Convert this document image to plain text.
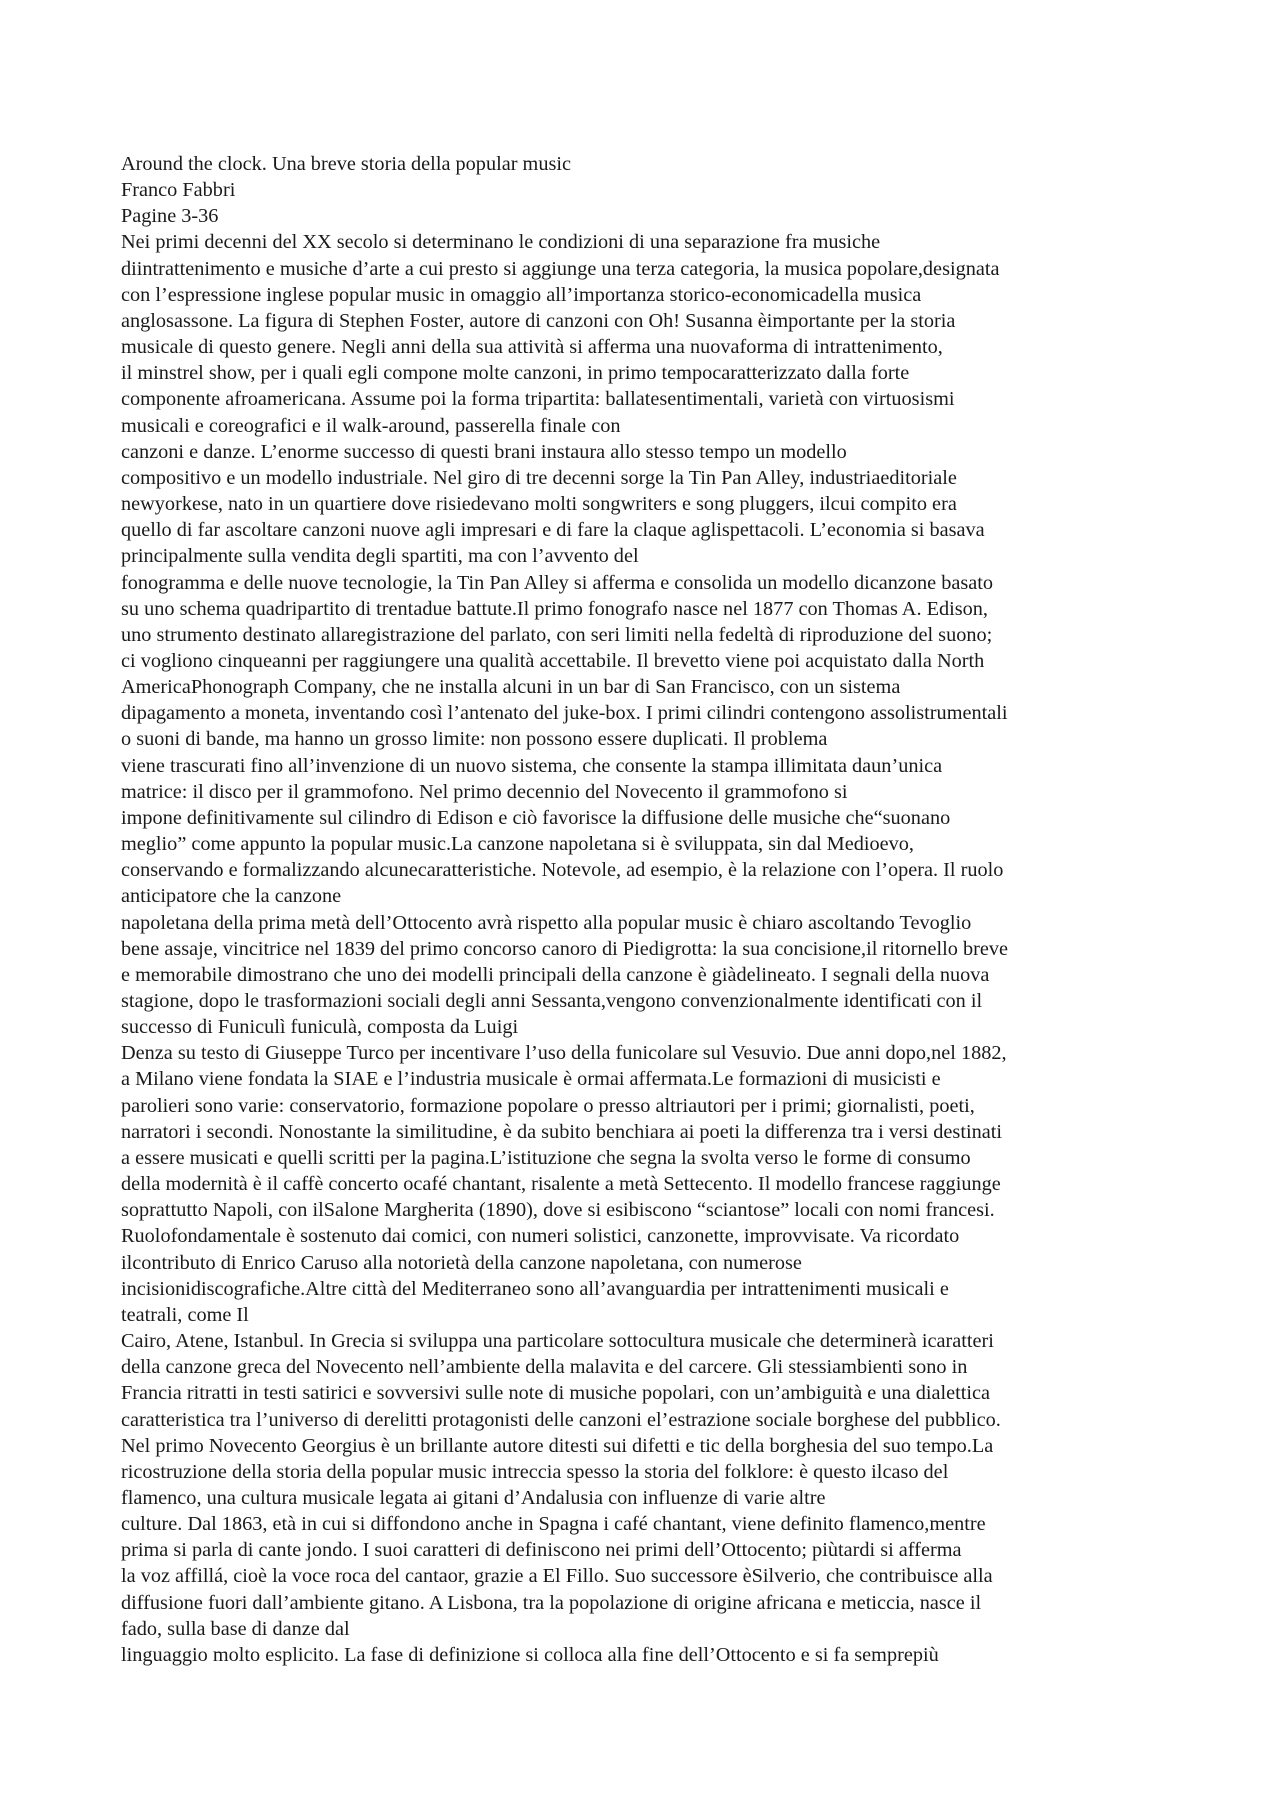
Around the clock. Una breve storia della popular music
Franco Fabbri
Pagine 3-36
Nei primi decenni del XX secolo si determinano le condizioni di una separazione fra musiche
diintrattenimento e musiche d’arte a cui presto si aggiunge una terza categoria, la musica popolare,designata
con l’espressione inglese popular music in omaggio all’importanza storico-economicadella musica
anglosassone. La figura di Stephen Foster, autore di canzoni con Oh! Susanna èimportante per la storia
musicale di questo genere. Negli anni della sua attività si afferma una nuovaforma di intrattenimento,
il minstrel show, per i quali egli compone molte canzoni, in primo tempocaratterizzato dalla forte
componente afroamericana. Assume poi la forma tripartita: ballatesentimentali, varietà con virtuosismi
musicali e coreografici e il walk-around, passerella finale con
canzoni e danze. L’enorme successo di questi brani instaura allo stesso tempo un modello
compositivo e un modello industriale. Nel giro di tre decenni sorge la Tin Pan Alley, industriaeditoriale
newyorkese, nato in un quartiere dove risiedevano molti songwriters e song pluggers, ilcui compito era
quello di far ascoltare canzoni nuove agli impresari e di fare la claque aglispettacoli. L’economia si basava
principalmente sulla vendita degli spartiti, ma con l’avvento del
fonogramma e delle nuove tecnologie, la Tin Pan Alley si afferma e consolida un modello dicanzone basato
su uno schema quadripartito di trentadue battute.Il primo fonografo nasce nel 1877 con Thomas A. Edison,
uno strumento destinato allaregistrazione del parlato, con seri limiti nella fedeltà di riproduzione del suono;
ci vogliono cinqueanni per raggiungere una qualità accettabile. Il brevetto viene poi acquistato dalla North
AmericaPhonograph Company, che ne installa alcuni in un bar di San Francisco, con un sistema
dipagamento a moneta, inventando così l’antenato del juke-box. I primi cilindri contengono assolistrumentali
o suoni di bande, ma hanno un grosso limite: non possono essere duplicati. Il problema
viene trascurati fino all’invenzione di un nuovo sistema, che consente la stampa illimitata daun’unica
matrice: il disco per il grammofono. Nel primo decennio del Novecento il grammofono si
impone definitivamente sul cilindro di Edison e ciò favorisce la diffusione delle musiche che“suonano
meglio” come appunto la popular music.La canzone napoletana si è sviluppata, sin dal Medioevo,
conservando e formalizzando alcunecaratteristiche. Notevole, ad esempio, è la relazione con l’opera. Il ruolo
anticipatore che la canzone
napoletana della prima metà dell’Ottocento avrà rispetto alla popular music è chiaro ascoltando Tevoglio
bene assaje, vincitrice nel 1839 del primo concorso canoro di Piedigrotta: la sua concisione,il ritornello breve
e memorabile dimostrano che uno dei modelli principali della canzone è giàdelineato. I segnali della nuova
stagione, dopo le trasformazioni sociali degli anni Sessanta,vengono convenzionalmente identificati con il
successo di Funiculì funiculà, composta da Luigi
Denza su testo di Giuseppe Turco per incentivare l’uso della funicolare sul Vesuvio. Due anni dopo,nel 1882,
a Milano viene fondata la SIAE e l’industria musicale è ormai affermata.Le formazioni di musicisti e
parolieri sono varie: conservatorio, formazione popolare o presso altriautori per i primi; giornalisti, poeti,
narratori i secondi. Nonostante la similitudine, è da subito benchiara ai poeti la differenza tra i versi destinati
a essere musicati e quelli scritti per la pagina.L’istituzione che segna la svolta verso le forme di consumo
della modernità è il caffè concerto ocafé chantant, risalente a metà Settecento. Il modello francese raggiunge
soprattutto Napoli, con ilSalone Margherita (1890), dove si esibiscono “sciantose” locali con nomi francesi.
Ruolofondamentale è sostenuto dai comici, con numeri solistici, canzonette, improvvisate. Va ricordato
ilcontributo di Enrico Caruso alla notorietà della canzone napoletana, con numerose
incisionidiscografiche.Altre città del Mediterraneo sono all’avanguardia per intrattenimenti musicali e
teatrali, come Il
Cairo, Atene, Istanbul. In Grecia si sviluppa una particolare sottocultura musicale che determinerà icaratteri
della canzone greca del Novecento nell’ambiente della malavita e del carcere. Gli stessiambienti sono in
Francia ritratti in testi satirici e sovversivi sulle note di musiche popolari, con un’ambiguità e una dialettica
caratteristica tra l’universo di derelitti protagonisti delle canzoni el’estrazione sociale borghese del pubblico.
Nel primo Novecento Georgius è un brillante autore ditesti sui difetti e tic della borghesia del suo tempo.La
ricostruzione della storia della popular music intreccia spesso la storia del folklore: è questo ilcaso del
flamenco, una cultura musicale legata ai gitani d’Andalusia con influenze di varie altre
culture. Dal 1863, età in cui si diffondono anche in Spagna i café chantant, viene definito flamenco,mentre
prima si parla di cante jondo. I suoi caratteri di definiscono nei primi dell’Ottocento; piùtardi si afferma
la voz affillá, cioè la voce roca del cantaor, grazie a El Fillo. Suo successore èSilverio, che contribuisce alla
diffusione fuori dall’ambiente gitano. A Lisbona, tra la popolazione di origine africana e meticcia, nasce il
fado, sulla base di danze dal
linguaggio molto esplicito. La fase di definizione si colloca alla fine dell’Ottocento e si fa semprepiù
